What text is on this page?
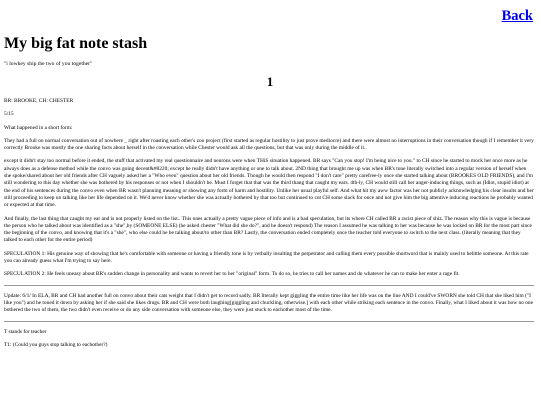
Back
My big fat note stash
"i lowkey ship the two of you together"
1

BR: BROOKE, CH: CHESTER

5/15

What happened in a short form:

They had a full on normal conversation out of nowhere _ right after roasting each other's zoo project (first started as regular hostility to just prove mediocre) and there were almost no interruptions in their conversation though if I remember it very correctly Brooke was mostly the one sharing facts about herself in the conversation while Chester would ask all the questions, but that was only during the middle of it..

except it didn't stay too normal before it ended, the stuff that activated my real questionnaire and neurons were when THiS situation happened. BR says "Can you stop! I'm being nice to you." to CH since he started to mock her once more as he always does as a defense method while the convo was going decent&#8220; except he really didn't have anything or one to talk about. 2ND thing that brought me up was when BR's tone literally switched into a regular version of herself when she spoke/shared about her old friends after CH vaguely asked her a "Who even" question about her old friends. Though he would then respond "I don't care" pretty carefree-ly once she started talking about (BROOKES OLD FRIENDS), and I'm still wondering to this day whether she was bothered by his responses or not when I shouldn't be. Must I forget that that was the third thang that caught my ears. 4th-ly, CH would still call her anger-inducing things, such as (Idiot, stupid idiot) at the end of his sentences during the convo even when BR wasn't planning meaning or showing any form of harm and hostility. Unlike her usual playful self. And what hit my aww factor was her not publicly acknowledging his clear insults and her still proceeding to keep on talking like her life depended on it. We'd never know whether she was actually bothered by that too but continued to cut CH some slack for once and not give him the big attentive inducing reactions he probably wanted or expected at that time.

And finally, the last thing that caught my ear and is not properly listed on the list.. This ones actually a pretty vague piece of info and is a bad speculation, but its where CH called BR a racist piece of shiz. The reason why this is vague is because the person who he talked about was identified as a "she",by (SOMEONE ELSE) (he asked chester "What did she do?", and he doesn't respond) The reason I assumed he was talking to her was because he was locked on BR for the most part since the beginning of the convo, and knowing that it's a "she", who else could he be talking about/to other than BR? Lastly, the conversation ended completely once the teacher told everyone to switch to the next class. (literally meaning that they talked to each other for the entire period)

SPECULATION 1: His genuine way of showing that he's comfortable with someone or having a friendly tone is by verbally insulting the perpetrator and calling them every possible shortword that is mainly used to belittle someone. At this rate you can already guess what I'm trying to say here.

SPECULATION 2: He feels uneasy about BR's sudden change in personality and wants to revert her to her "original" form. To do so, he tries to call her names and do whatever he can to make her enter a rage fit.

Update: 6/1/ In ELA, BR and CH had another full on convo about their cats weight that I didn't get to record sadly. BR literally kept giggling the entire time like her life was on the line AND I could've SWORN she told CH that she liked him ("I like you") and he toned it down by asking her if she said she likes drugs. BR and CH were both laughing[giggling and chuckling, otherwise.] with each other while striking each sentence in the convo. Finally, what I liked about it was how no one bothered the two of them, the two didn't even receive or do any side conversation with someone else, they were just stuck to eachother most of the time.

T stands for teacher

T1: (Could you guys stop talking to eachother?)
